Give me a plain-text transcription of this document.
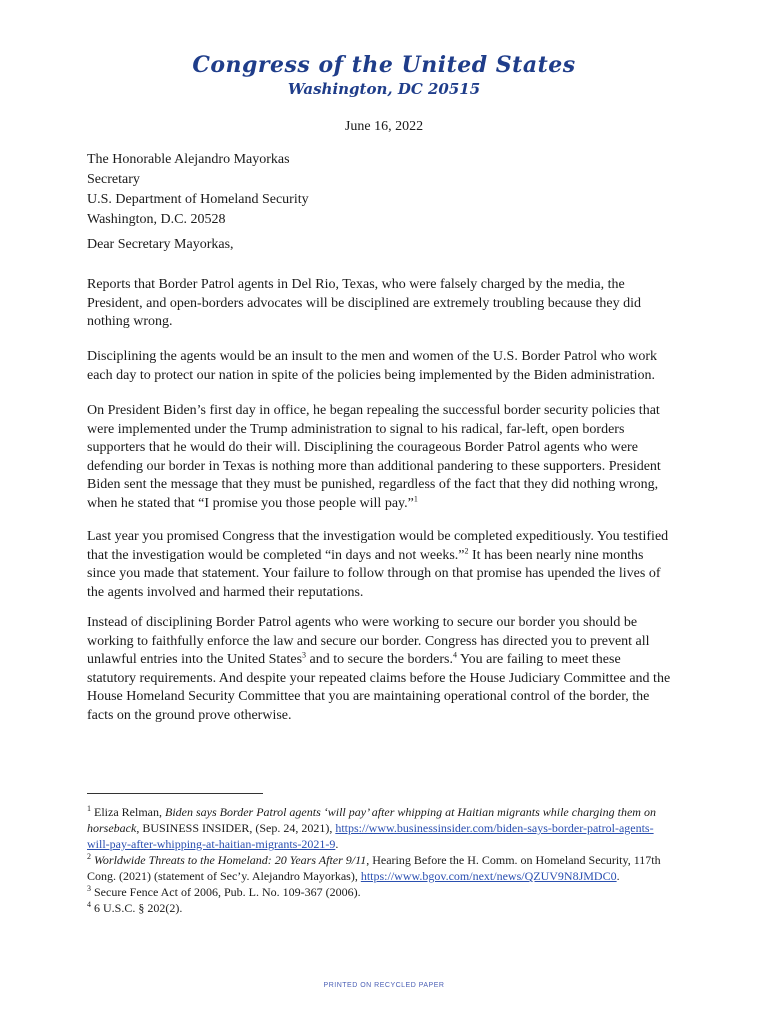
Congress of the United States
Washington, DC 20515
June 16, 2022
The Honorable Alejandro Mayorkas
Secretary
U.S. Department of Homeland Security
Washington, D.C. 20528
Dear Secretary Mayorkas,

Reports that Border Patrol agents in Del Rio, Texas, who were falsely charged by the media, the President, and open-borders advocates will be disciplined are extremely troubling because they did nothing wrong.

Disciplining the agents would be an insult to the men and women of the U.S. Border Patrol who work each day to protect our nation in spite of the policies being implemented by the Biden administration.

On President Biden’s first day in office, he began repealing the successful border security policies that were implemented under the Trump administration to signal to his radical, far-left, open borders supporters that he would do their will. Disciplining the courageous Border Patrol agents who were defending our border in Texas is nothing more than additional pandering to these supporters. President Biden sent the message that they must be punished, regardless of the fact that they did nothing wrong, when he stated that “I promise you those people will pay.”$^1$

Last year you promised Congress that the investigation would be completed expeditiously. You testified that the investigation would be completed “in days and not weeks.”$^2$ It has been nearly nine months since you made that statement. Your failure to follow through on that promise has upended the lives of the agents involved and harmed their reputations.

Instead of disciplining Border Patrol agents who were working to secure our border you should be working to faithfully enforce the law and secure our border. Congress has directed you to prevent all unlawful entries into the United States$^3$ and to secure the borders.$^4$ You are failing to meet these statutory requirements. And despite your repeated claims before the House Judiciary Committee and the House Homeland Security Committee that you are maintaining operational control of the border, the facts on the ground prove otherwise.

$^1$ Eliza Relman, Biden says Border Patrol agents ‘will pay’ after whipping at Haitian migrants while charging them on horseback, BUSINESS INSIDER, (Sep. 24, 2021), https://www.businessinsider.com/biden-says-border-patrol-agents-will-pay-after-whipping-at-haitian-migrants-2021-9.

$^2$ Worldwide Threats to the Homeland: 20 Years After 9/11, Hearing Before the H. Comm. on Homeland Security, 117th Cong. (2021) (statement of Sec’y. Alejandro Mayorkas), https://www.bgov.com/next/news/QZUV9N8JMDC0.

$^3$ Secure Fence Act of 2006, Pub. L. No. 109-367 (2006).

$^4$ 6 U.S.C. § 202(2).

PRINTED ON RECYCLED PAPER
